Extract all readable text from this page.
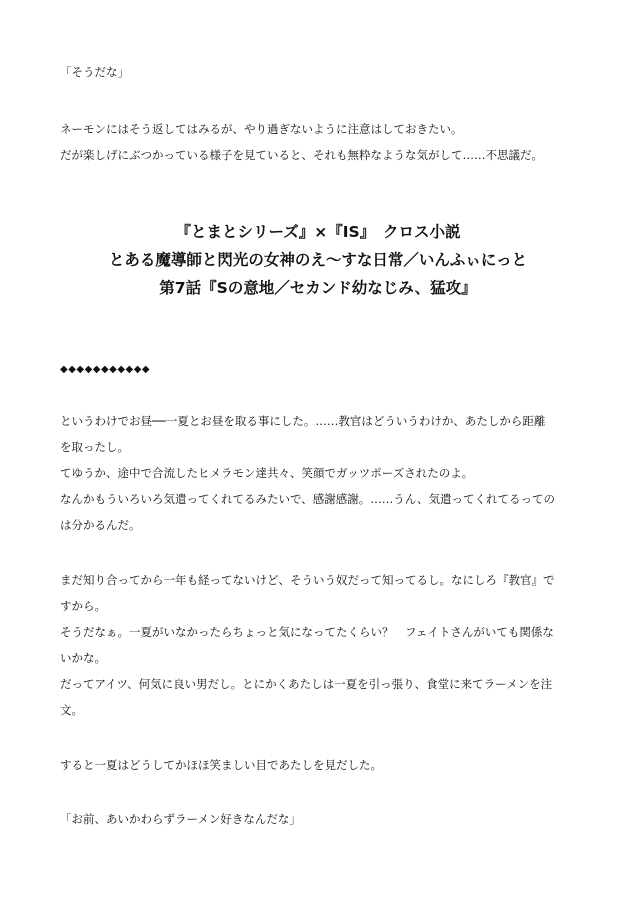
「そうだな」
ネーモンにはそう返してはみるが、やり過ぎないように注意はしておきたい。
だが楽しげにぶつかっている様子を見ていると、それも無粋なような気がして……不思議だ。
『とまとシリーズ』×『IS』　クロス小説
とある魔導師と閃光の女神のえ～すな日常／いんふぃにっと
第7話『Sの意地／セカンド幼なじみ、猛攻』
◆◆◆◆◆◆◆◆◆◆◆
というわけでお昼──一夏とお昼を取る事にした。……教官はどういうわけか、あたしから距離
を取ったし。
てゆうか、途中で合流したヒメラモン達共々、笑顔でガッツポーズされたのよ。
なんかもういろいろ気遣ってくれてるみたいで、感謝感謝。……うん、気遣ってくれてるっての
は分かるんだ。
まだ知り合ってから一年も経ってないけど、そういう奴だって知ってるし。なにしろ『教官』で
すから。
そうだなぁ。一夏がいなかったらちょっと気になってたくらい？　フェイトさんがいても関係な
いかな。
だってアイツ、何気に良い男だし。とにかくあたしは一夏を引っ張り、食堂に来てラーメンを注
文。
すると一夏はどうしてかほほ笑ましい目であたしを見だした。
「お前、あいかわらずラーメン好きなんだな」
